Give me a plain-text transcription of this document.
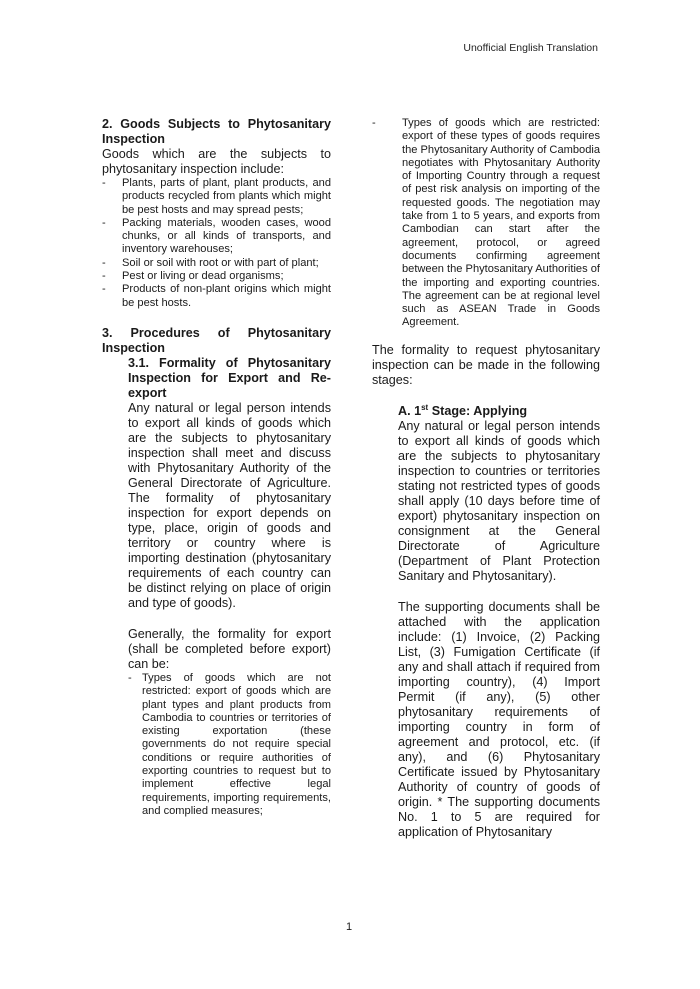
Unofficial English Translation

2. Goods Subjects to Phytosanitary Inspection

Goods which are the subjects to phytosanitary inspection include:

- Plants, parts of plant, plant products, and products recycled from plants which might be pest hosts and may spread pests;
- Packing materials, wooden cases, wood chunks, or all kinds of transports, and inventory warehouses;
- Soil or soil with root or with part of plant;
- Pest or living or dead organisms;
- Products of non-plant origins which might be pest hosts.

3. Procedures of Phytosanitary Inspection

3.1. Formality of Phytosanitary Inspection for Export and Re-export

Any natural or legal person intends to export all kinds of goods which are the subjects to phytosanitary inspection shall meet and discuss with Phytosanitary Authority of the General Directorate of Agriculture. The formality of phytosanitary inspection for export depends on type, place, origin of goods and territory or country where is importing destination (phytosanitary requirements of each country can be distinct relying on place of origin and type of goods).

Generally, the formality for export (shall be completed before export) can be:

- Types of goods which are not restricted: export of goods which are plant types and plant products from Cambodia to countries or territories of existing exportation (these governments do not require special conditions or require authorities of exporting countries to request but to implement effective legal requirements, importing requirements, and complied measures;
- Types of goods which are restricted: export of these types of goods requires the Phytosanitary Authority of Cambodia negotiates with Phytosanitary Authority of Importing Country through a request of pest risk analysis on importing of the requested goods. The negotiation may take from 1 to 5 years, and exports from Cambodian can start after the agreement, protocol, or agreed documents confirming agreement between the Phytosanitary Authorities of the importing and exporting countries. The agreement can be at regional level such as ASEAN Trade in Goods Agreement.

The formality to request phytosanitary inspection can be made in the following stages:

A. 1st Stage: Applying

Any natural or legal person intends to export all kinds of goods which are the subjects to phytosanitary inspection to countries or territories stating not restricted types of goods shall apply (10 days before time of export) phytosanitary inspection on consignment at the General Directorate of Agriculture (Department of Plant Protection Sanitary and Phytosanitary).

The supporting documents shall be attached with the application include: (1) Invoice, (2) Packing List, (3) Fumigation Certificate (if any and shall attach if required from importing country), (4) Import Permit (if any), (5) other phytosanitary requirements of importing country in form of agreement and protocol, etc. (if any), and (6) Phytosanitary Certificate issued by Phytosanitary Authority of country of goods of origin. * The supporting documents No. 1 to 5 are required for application of Phytosanitary

1
